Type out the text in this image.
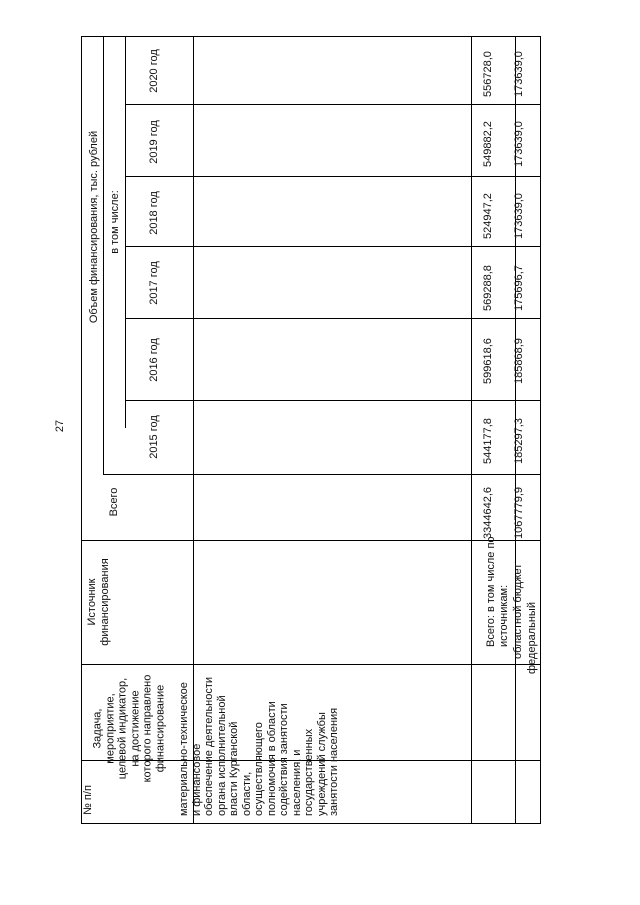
27
№ п/п
Задача, мероприятие, целевой индикатор, на достижение которого направлено финансирование
Источник финансирования
Объем финансирования, тыс. рублей
Всего
в том числе:
2015 год
2016 год
2017 год
2018 год
2019 год
2020 год
материально-техническое и финансовое обеспечение деятельности органа исполнительной власти Курганской области, осуществляющего полномочия в области содействия занятости населения, и государственных учреждений службы занятости населения
Всего: в том числе по источникам:
3344642,6
544177,8
599618,6
569288,8
524947,2
549882,2
556728,0
областной бюджет
1067779,9
185297,3
185868,9
175696,7
173639,0
173639,0
173639,0
федеральный
